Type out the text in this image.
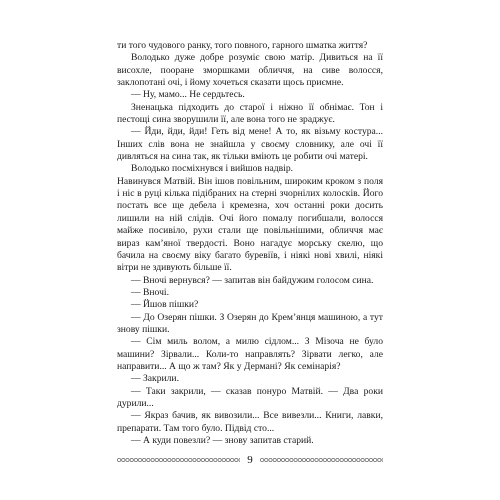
ти того чудового ранку, того повного, гарного шматка життя?

Володько дуже добре розуміє свою матір. Дивиться на її висохле, пооране зморшками обличчя, на сиве волосся, заклопотані очі, і йому хочеться сказати щось приємне.

— Ну, мамо... Не сердьтесь.

Зненацька підходить до старої і ніжно її обнімає. Тон і пестощі сина зворушили її, але вона того не зраджує.

— Йди, йди, йди! Геть від мене! А то, як візьму костура... Інших слів вона не знайшла у своєму словнику, але очі її дивляться на сина так, як тільки вміють це робити очі матері.

Володько посміхнувся і вийшов надвір.

Навинувся Матвій. Він ішов повільним, широким кроком з поля і ніс в руці кілька підібраних на стерні зчорнілих колосків. Його постать все ще дебела і кремезна, хоч останні роки досить лишили на ній слідів. Очі його помалу погибшали, волосся майже посивіло, рухи стали ще повільнішими, обличчя має вираз кам’яної твердості. Воно нагадує морську скелю, що бачила на своєму віку багато буревіїв, і ніякі нові хвилі, ніякі вітри не здивують більше її.

— Вночі вернувся? — запитав він байдужим голосом сина.

— Вночі.

— Йшов пішки?

— До Озерян пішки. З Озерян до Крем’янця машиною, а тут знову пішки.

— Сім миль волом, а милю сідлом... З Мізоча не було машини? Зірвали... Коли-то направлять? Зірвати легко, але направити... А що ж там? Як у Дермані? Як семінарія?

— Закрили.

— Таки закрили, — сказав понуро Матвій. — Два роки дурили...

— Якраз бачив, як вивозили... Все вивезли... Книги, лавки, препарати. Там того було. Підвід сто...

— А куди повезли? — знову запитав старий.

9
